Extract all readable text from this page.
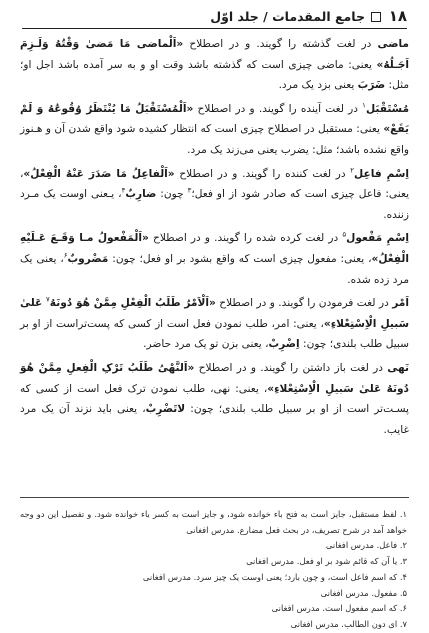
۱۸
جامع المقدمات / جلد اوّل

ماضی در لغت گذشته را گویند. و در اصطلاح «اَلْماضی مَا مَضیٰ وَقْتُهُ وَلَـزِمَ اَجَـلُهُ» یعنی: ماضی چیزی است که گذشته باشد وقت او و به سر آمده باشد اجل او؛ مثل: ضَرَبَ یعنی بزد یک مرد.

مُسْتَقْبَل$^۱$ در لغت آینده را گویند. و در اصطلاح «اَلْمُسْتَقْبَلُ مَا یُنْتَظَرُ وُقُوعُهُ وَ لَمْ یَقَعْ» یعنی: مستقبل در اصطلاح چیزی است که انتظار کشیده شود واقع شدن آن و هـنوز واقع نشده باشد؛ مثل: یضرب یعنی می‌زند یک مرد.

اِسْمِ فاعِل$^۲$ در لغت کننده را گویند. و در اصطلاح «اَلْفاعِلُ مَا صَدَرَ عَنْهُ الْفِعْلُ»، یعنی: فاعل چیزی است که صادر شود از او فعل؛$^۳$ چون: ضارِبٌ$^۴$، یـعنی اوست یک مـرد زننده.

اِسْمِ مَفْعول$^۵$ در لغت کرده شده را گویند. و در اصطلاح «اَلْمَفْعولُ مـا وَقَـعَ عَـلَیْهِ الْفِعْلُ»، یعنی: مفعول چیزی است که واقع بشود بر او فعل؛ چون: مَضْروبٌ$^۶$، یعنی یک مرد زده شده.

اَمْر در لغت فرمودن را گویند. و در اصطلاح «اَلْاَمْرُ طَلَبُ الْفِعْلِ مِمَّنْ هُوَ دُونَهُ$^۷$ عَلیٰ سَبیلِ الْاِسْتِعْلاءِ»، یعنی: امر، طلب نمودن فعل است از کسی که پست‌تراست از او بر سبیل طلب بلندی؛ چون: اِضْرِبْ، یعنی بزن تو یک مرد حاضر.

نَهی در لغت باز داشتن را گویند. و در اصطلاح «اَلنَّهْیُ طَلَبُ تَرْکِ الْفِعلِ مِمَّنْ هُوَ دُونَهُ عَلیٰ سَبیلِ الْاِسْتِعْلاءِ»، یعنی: نهی، طلب نمودن ترک فعل است از کسی که پسـت‌تر است از او بر سبیل طلب بلندی؛ چون: لاتَضْرِبْ، یعنی باید نزند آن یک مرد غایب.

۱. لفظ مستقبل، جایز است به فتح باء خوانده شود، و جایز است به کسر باء خوانده شود. و تفصیل این دو وجه خواهد آمد در شرح تصریف، در بحث فعل مضارع. مدرس افغانی
۲. فاعل. مدرس افغانی
۳. یا آن که قائم شود بر او فعل. مدرس افغانی
۴. که اسم فاعل است، و چون بارد؛ یعنی اوست یک چیز سرد. مدرس افغانی
۵. مفعول. مدرس افغانی
۶. که اسم مفعول است. مدرس افغانی
۷. ای دون الطالب. مدرس افغانی
